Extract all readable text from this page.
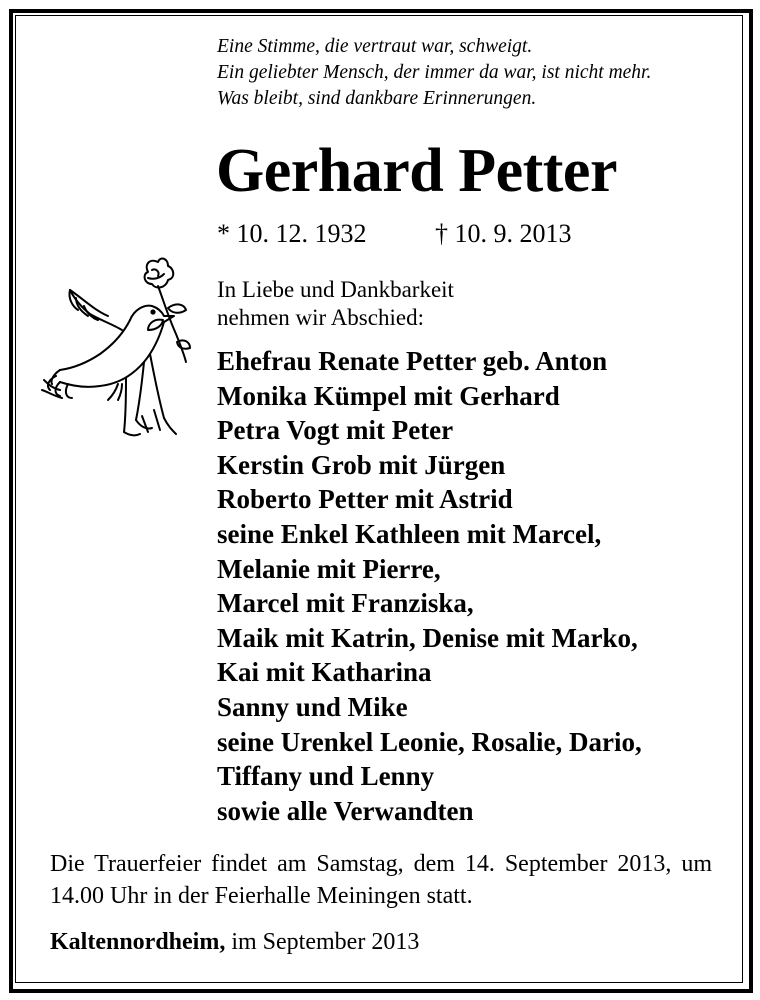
Eine Stimme, die vertraut war, schweigt.
Ein geliebter Mensch, der immer da war, ist nicht mehr.
Was bleibt, sind dankbare Erinnerungen.
Gerhard Petter
* 10. 12. 1932	† 10. 9. 2013
In Liebe und Dankbarkeit
nehmen wir Abschied:
Ehefrau Renate Petter geb. Anton
Monika Kümpel mit Gerhard
Petra Vogt mit Peter
Kerstin Grob mit Jürgen
Roberto Petter mit Astrid
seine Enkel Kathleen mit Marcel,
Melanie mit Pierre,
Marcel mit Franziska,
Maik mit Katrin, Denise mit Marko,
Kai mit Katharina
Sanny und Mike
seine Urenkel Leonie, Rosalie, Dario,
Tiffany und Lenny
sowie alle Verwandten
Die Trauerfeier findet am Samstag, dem 14. September 2013, um 14.00 Uhr in der Feierhalle Meiningen statt.
Kaltennordheim, im September 2013
